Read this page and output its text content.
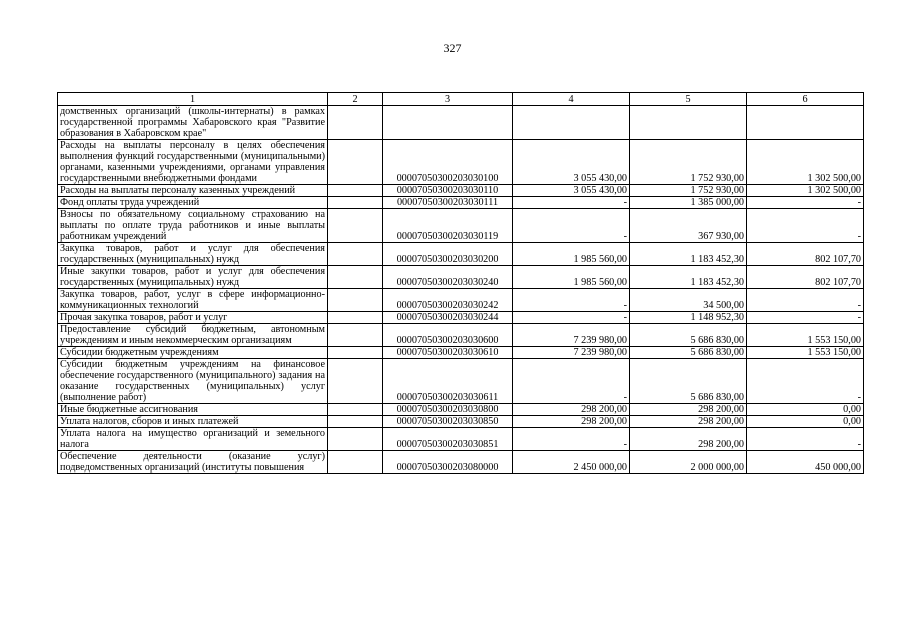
327
1	2	3	4	5	6
домственных организаций (школы-интернаты) в рамках государственной программы Хабаровского края "Развитие образования в Хабаровском крае"					
Расходы на выплаты персоналу в целях обеспечения выполнения функций государственными (муниципальными) органами, казенными учреждениями, органами управления государственными внебюджетными фондами		00007050300203030100	3 055 430,00	1 752 930,00	1 302 500,00
Расходы на выплаты персоналу казенных учреждений		00007050300203030110	3 055 430,00	1 752 930,00	1 302 500,00
Фонд оплаты труда учреждений		00007050300203030111	-	1 385 000,00	-
Взносы по обязательному социальному страхованию на выплаты по оплате труда работников и иные выплаты работникам учреждений		00007050300203030119	-	367 930,00	-
Закупка товаров, работ и услуг для обеспечения государственных (муниципальных) нужд		00007050300203030200	1 985 560,00	1 183 452,30	802 107,70
Иные закупки товаров, работ и услуг для обеспечения государственных (муниципальных) нужд		00007050300203030240	1 985 560,00	1 183 452,30	802 107,70
Закупка товаров, работ, услуг в сфере информационно-коммуникационных технологий		00007050300203030242	-	34 500,00	-
Прочая закупка товаров, работ и услуг		00007050300203030244	-	1 148 952,30	-
Предоставление субсидий бюджетным, автономным учреждениям и иным некоммерческим организациям		00007050300203030600	7 239 980,00	5 686 830,00	1 553 150,00
Субсидии бюджетным учреждениям		00007050300203030610	7 239 980,00	5 686 830,00	1 553 150,00
Субсидии бюджетным учреждениям на финансовое обеспечение государственного (муниципального) задания на оказание государственных (муниципальных) услуг (выполнение работ)		00007050300203030611	-	5 686 830,00	-
Иные бюджетные ассигнования		00007050300203030800	298 200,00	298 200,00	0,00
Уплата налогов, сборов и иных платежей		00007050300203030850	298 200,00	298 200,00	0,00
Уплата налога на имущество организаций и земельного налога		00007050300203030851	-	298 200,00	-
Обеспечение деятельности (оказание услуг) подведомственных организаций (институты повышения		00007050300203080000	2 450 000,00	2 000 000,00	450 000,00
